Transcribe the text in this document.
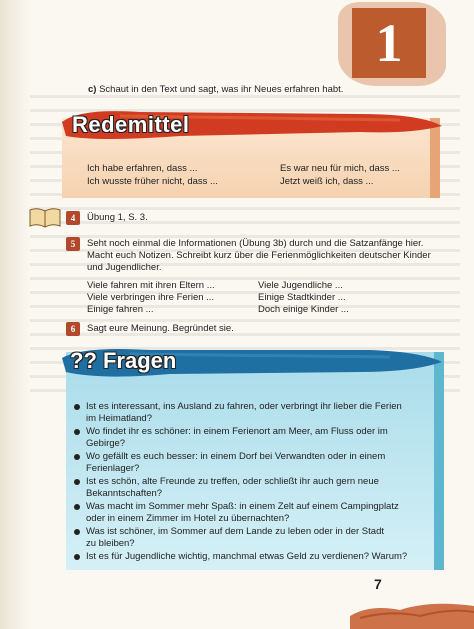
1
c) Schaut in den Text und sagt, was ihr Neues erfahren habt.
Redemittel
Ich habe erfahren, dass ...	Es war neu für mich, dass ...
Ich wusste früher nicht, dass ...	Jetzt weiß ich, dass ...
4	Übung 1, S. 3.
5	Seht noch einmal die Informationen (Übung 3b) durch und die Satzanfänge hier.
Macht euch Notizen. Schreibt kurz über die Ferienmöglichkeiten deutscher Kinder
und Jugendlicher.
Viele fahren mit ihren Eltern ...	Viele Jugendliche ...
Viele verbringen ihre Ferien ...	Einige Stadtkinder ...
Einige fahren ...	Doch einige Kinder ...
6	Sagt eure Meinung. Begründet sie.
?? Fragen
Ist es interessant, ins Ausland zu fahren, oder verbringt ihr lieber die Ferien
im Heimatland?
Wo findet ihr es schöner: in einem Ferienort am Meer, am Fluss oder im
Gebirge?
Wo gefällt es euch besser: in einem Dorf bei Verwandten oder in einem
Ferienlager?
Ist es schön, alte Freunde zu treffen, oder schließt ihr auch gern neue
Bekanntschaften?
Was macht im Sommer mehr Spaß: in einem Zelt auf einem Campingplatz
oder in einem Zimmer im Hotel zu übernachten?
Was ist schöner, im Sommer auf dem Lande zu leben oder in der Stadt
zu bleiben?
Ist es für Jugendliche wichtig, manchmal etwas Geld zu verdienen? Warum?
7
